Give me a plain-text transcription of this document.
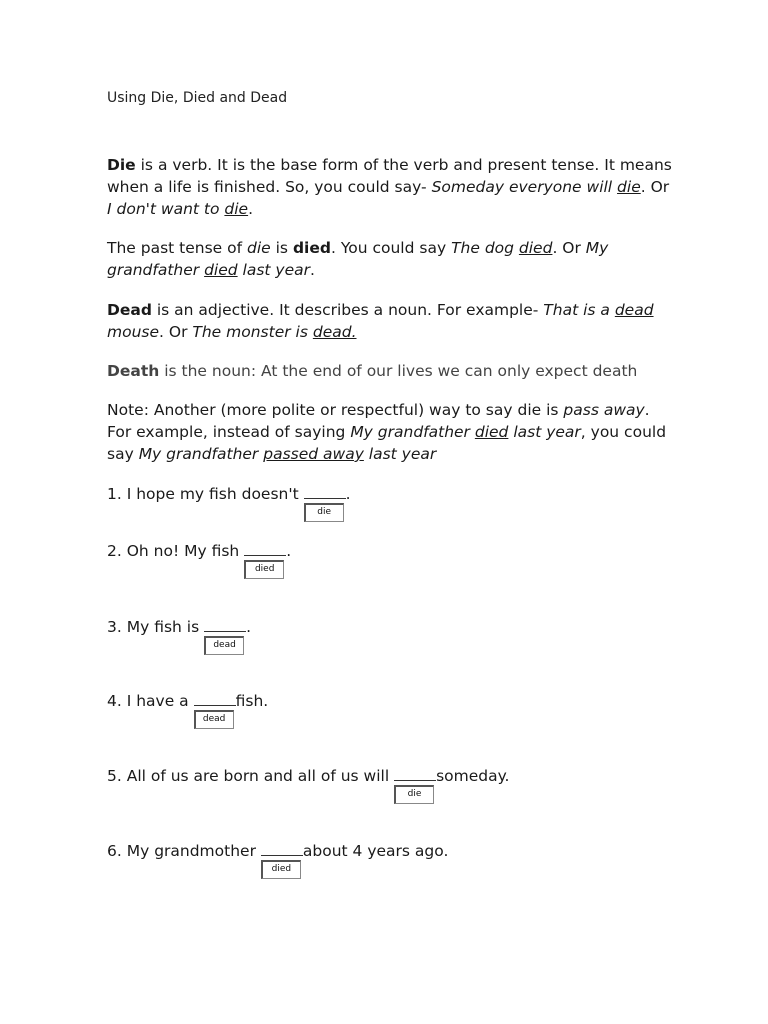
Using Die, Died and Dead
Die is a verb. It is the base form of the verb and present tense. It means when a life is finished. So, you could say- Someday everyone will die. Or I don't want to die.
The past tense of die is died. You could say The dog died. Or My grandfather died last year.
Dead is an adjective. It describes a noun. For example- That is a dead mouse. Or The monster is dead.
Death is the noun: At the end of our lives we can only expect death
Note: Another (more polite or respectful) way to say die is pass away. For example, instead of saying My grandfather died last year, you could say My grandfather passed away last year
1. I hope my fish doesn't
die
.
2. Oh no! My fish
died
.
3. My fish is
dead
.
4. I have a
dead
fish.
5. All of us are born and all of us will
die
someday.
6. My grandmother
died
about 4 years ago.
